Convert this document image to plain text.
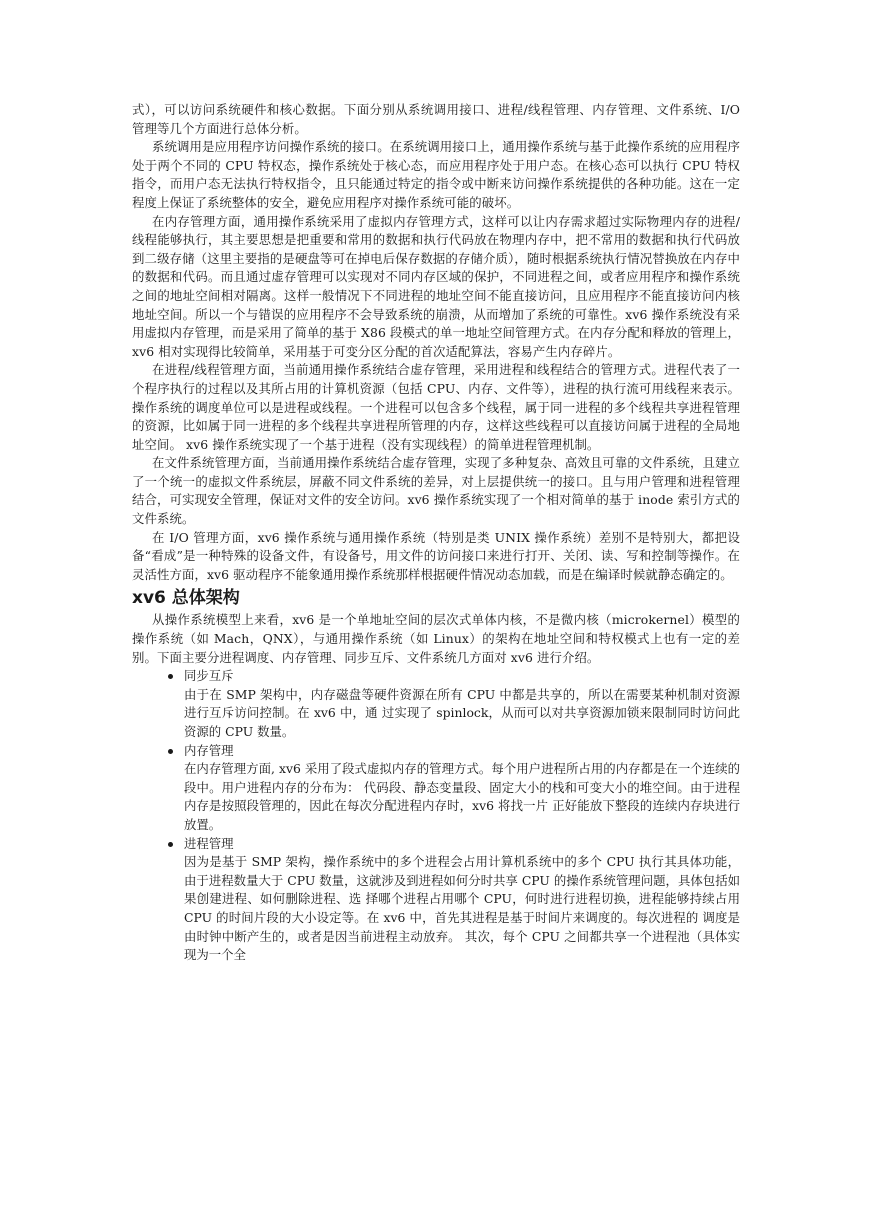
式），可以访问系统硬件和核心数据。下面分别从系统调用接口、进程/线程管理、内存管理、文件系统、I/O 管理等几个方面进行总体分析。

系统调用是应用程序访问操作系统的接口。在系统调用接口上，通用操作系统与基于此操作系统的应用程序处于两个不同的 CPU 特权态，操作系统处于核心态，而应用程序处于用户态。在核心态可以执行 CPU 特权指令，而用户态无法执行特权指令，且只能通过特定的指令或中断来访问操作系统提供的各种功能。这在一定程度上保证了系统整体的安全，避免应用程序对操作系统可能的破坏。

在内存管理方面，通用操作系统采用了虚拟内存管理方式，这样可以让内存需求超过实际物理内存的进程/线程能够执行，其主要思想是把重要和常用的数据和执行代码放在物理内存中，把不常用的数据和执行代码放到二级存储（这里主要指的是硬盘等可在掉电后保存数据的存储介质），随时根据系统执行情况替换放在内存中的数据和代码。而且通过虚存管理可以实现对不同内存区域的保护，不同进程之间，或者应用程序和操作系统之间的地址空间相对隔离。这样一般情况下不同进程的地址空间不能直接访问，且应用程序不能直接访问内核地址空间。所以一个与错误的应用程序不会导致系统的崩溃，从而增加了系统的可靠性。xv6 操作系统没有采用虚拟内存管理，而是采用了简单的基于 X86 段模式的单一地址空间管理方式。在内存分配和释放的管理上，xv6 相对实现得比较简单，采用基于可变分区分配的首次适配算法，容易产生内存碎片。

在进程/线程管理方面，当前通用操作系统结合虚存管理，采用进程和线程结合的管理方式。进程代表了一个程序执行的过程以及其所占用的计算机资源（包括 CPU、内存、文件等），进程的执行流可用线程来表示。操作系统的调度单位可以是进程或线程。一个进程可以包含多个线程，属于同一进程的多个线程共享进程管理的资源，比如属于同一进程的多个线程共享进程所管理的内存，这样这些线程可以直接访问属于进程的全局地址空间。 xv6 操作系统实现了一个基于进程（没有实现线程）的简单进程管理机制。

在文件系统管理方面，当前通用操作系统结合虚存管理，实现了多种复杂、高效且可靠的文件系统，且建立了一个统一的虚拟文件系统层，屏蔽不同文件系统的差异，对上层提供统一的接口。且与用户管理和进程管理结合，可实现安全管理，保证对文件的安全访问。xv6 操作系统实现了一个相对简单的基于 inode 索引方式的文件系统。

在 I/O 管理方面，xv6 操作系统与通用操作系统（特别是类 UNIX 操作系统）差别不是特别大，都把设备“看成”是一种特殊的设备文件，有设备号，用文件的访问接口来进行打开、关闭、读、写和控制等操作。在灵活性方面，xv6 驱动程序不能象通用操作系统那样根据硬件情况动态加载，而是在编译时候就静态确定的。

xv6 总体架构

从操作系统模型上来看，xv6 是一个单地址空间的层次式单体内核，不是微内核（microkernel）模型的操作系统（如 Mach，QNX），与通用操作系统（如 Linux）的架构在地址空间和特权模式上也有一定的差别。下面主要分进程调度、内存管理、同步互斥、文件系统几方面对 xv6 进行介绍。

同步互斥
由于在 SMP 架构中，内存磁盘等硬件资源在所有 CPU 中都是共享的，所以在需要某种机制对资源进行互斥访问控制。在 xv6 中，通 过实现了 spinlock，从而可以对共享资源加锁来限制同时访问此资源的 CPU 数量。
内存管理
在内存管理方面, xv6 采用了段式虚拟内存的管理方式。每个用户进程所占用的内存都是在一个连续的段中。用户进程内存的分布为： 代码段、静态变量段、固定大小的栈和可变大小的堆空间。由于进程内存是按照段管理的，因此在每次分配进程内存时，xv6 将找一片 正好能放下整段的连续内存块进行放置。
进程管理
因为是基于 SMP 架构，操作系统中的多个进程会占用计算机系统中的多个 CPU 执行其具体功能，由于进程数量大于 CPU 数量，这就涉及到进程如何分时共享 CPU 的操作系统管理问题，具体包括如果创建进程、如何删除进程、选 择哪个进程占用哪个 CPU，何时进行进程切换，进程能够持续占用 CPU 的时间片段的大小设定等。在 xv6 中，首先其进程是基于时间片来调度的。每次进程的 调度是由时钟中断产生的，或者是因当前进程主动放弃。 其次，每个 CPU 之间都共享一个进程池（具体实现为一个全
